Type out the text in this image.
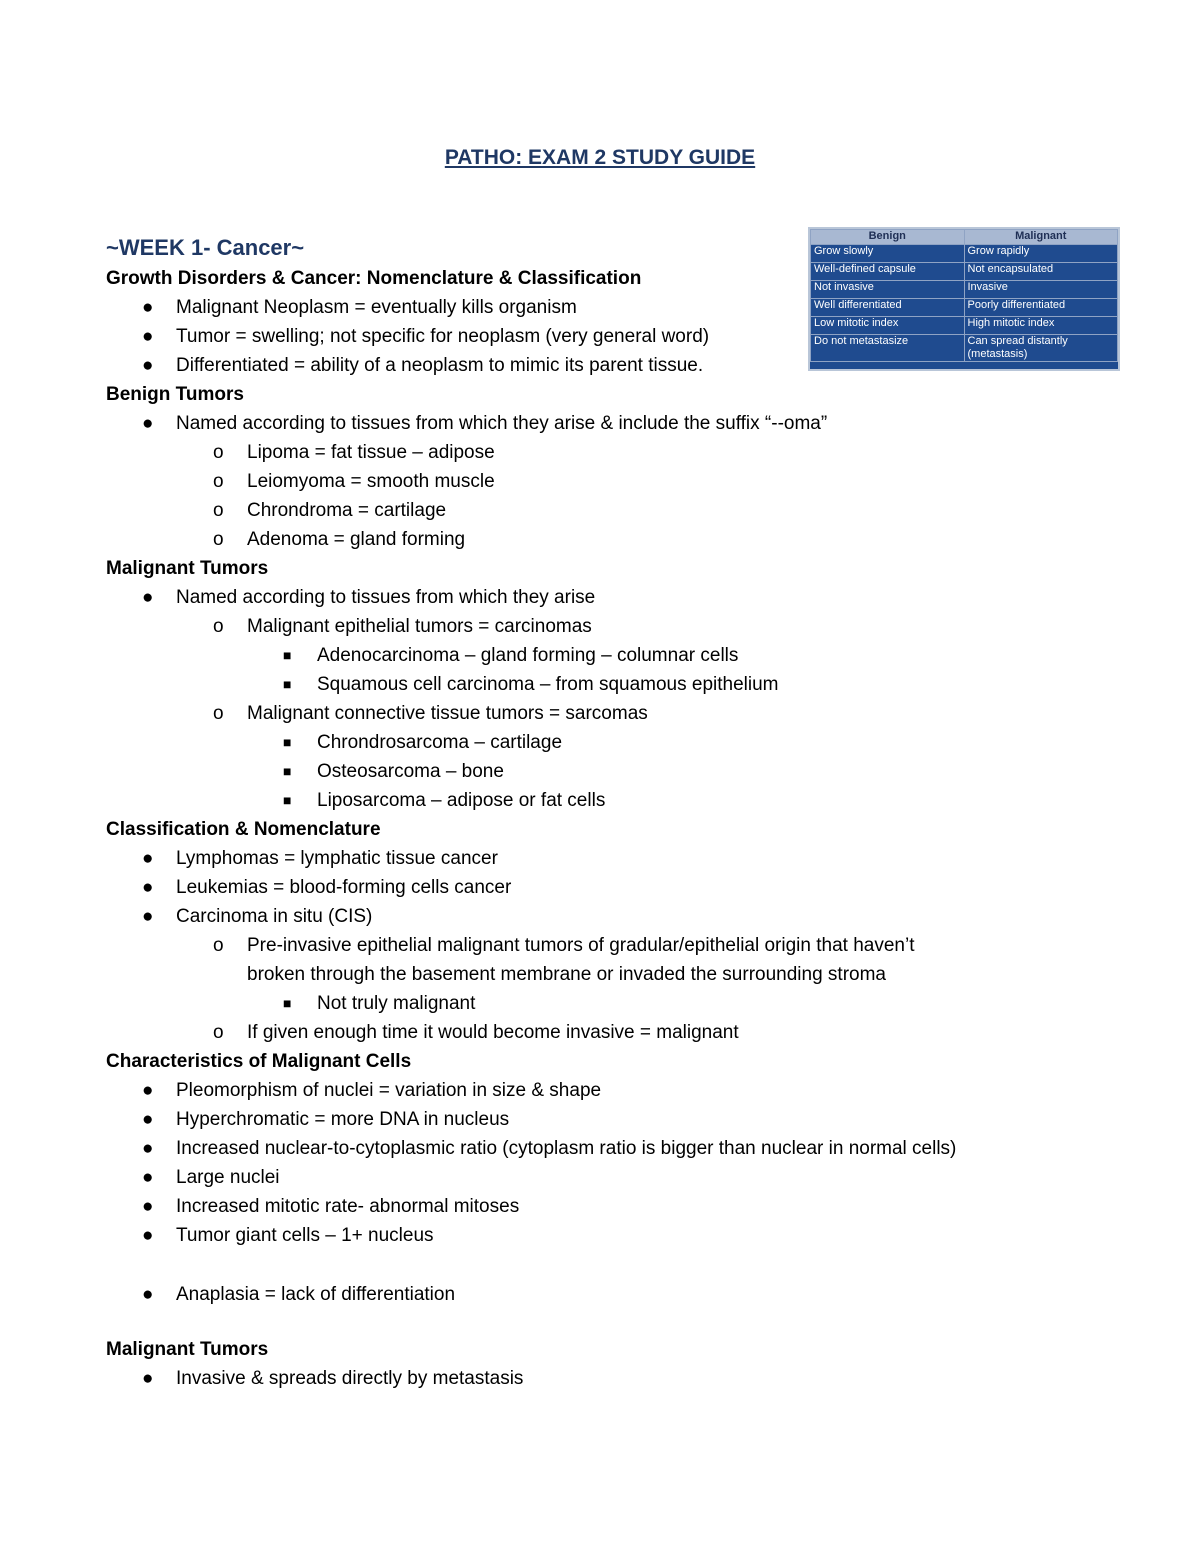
PATHO: EXAM 2 STUDY GUIDE
Benign	Malignant
Grow slowly	Grow rapidly
Well-defined capsule	Not encapsulated
Not invasive	Invasive
Well differentiated	Poorly differentiated
Low mitotic index	High mitotic index
Do not metastasize	Can spread distantly (metastasis)
~WEEK 1- Cancer~
Growth Disorders & Cancer: Nomenclature & Classification
● Malignant Neoplasm = eventually kills organism
● Tumor = swelling; not specific for neoplasm (very general word)
● Differentiated = ability of a neoplasm to mimic its parent tissue.
Benign Tumors
● Named according to tissues from which they arise & include the suffix “--oma”
o Lipoma = fat tissue – adipose
o Leiomyoma = smooth muscle
o Chrondroma = cartilage
o Adenoma = gland forming
Malignant Tumors
● Named according to tissues from which they arise
o Malignant epithelial tumors = carcinomas
■ Adenocarcinoma – gland forming – columnar cells
■ Squamous cell carcinoma – from squamous epithelium
o Malignant connective tissue tumors = sarcomas
■ Chrondrosarcoma – cartilage
■ Osteosarcoma – bone
■ Liposarcoma – adipose or fat cells
Classification & Nomenclature
● Lymphomas = lymphatic tissue cancer
● Leukemias = blood-forming cells cancer
● Carcinoma in situ (CIS)
o Pre-invasive epithelial malignant tumors of gradular/epithelial origin that haven’t
broken through the basement membrane or invaded the surrounding stroma
■ Not truly malignant
o If given enough time it would become invasive = malignant
Characteristics of Malignant Cells
● Pleomorphism of nuclei = variation in size & shape
● Hyperchromatic = more DNA in nucleus
● Increased nuclear-to-cytoplasmic ratio (cytoplasm ratio is bigger than nuclear in normal cells)
● Large nuclei
● Increased mitotic rate- abnormal mitoses
● Tumor giant cells – 1+ nucleus
● Anaplasia = lack of differentiation
Malignant Tumors
● Invasive & spreads directly by metastasis
